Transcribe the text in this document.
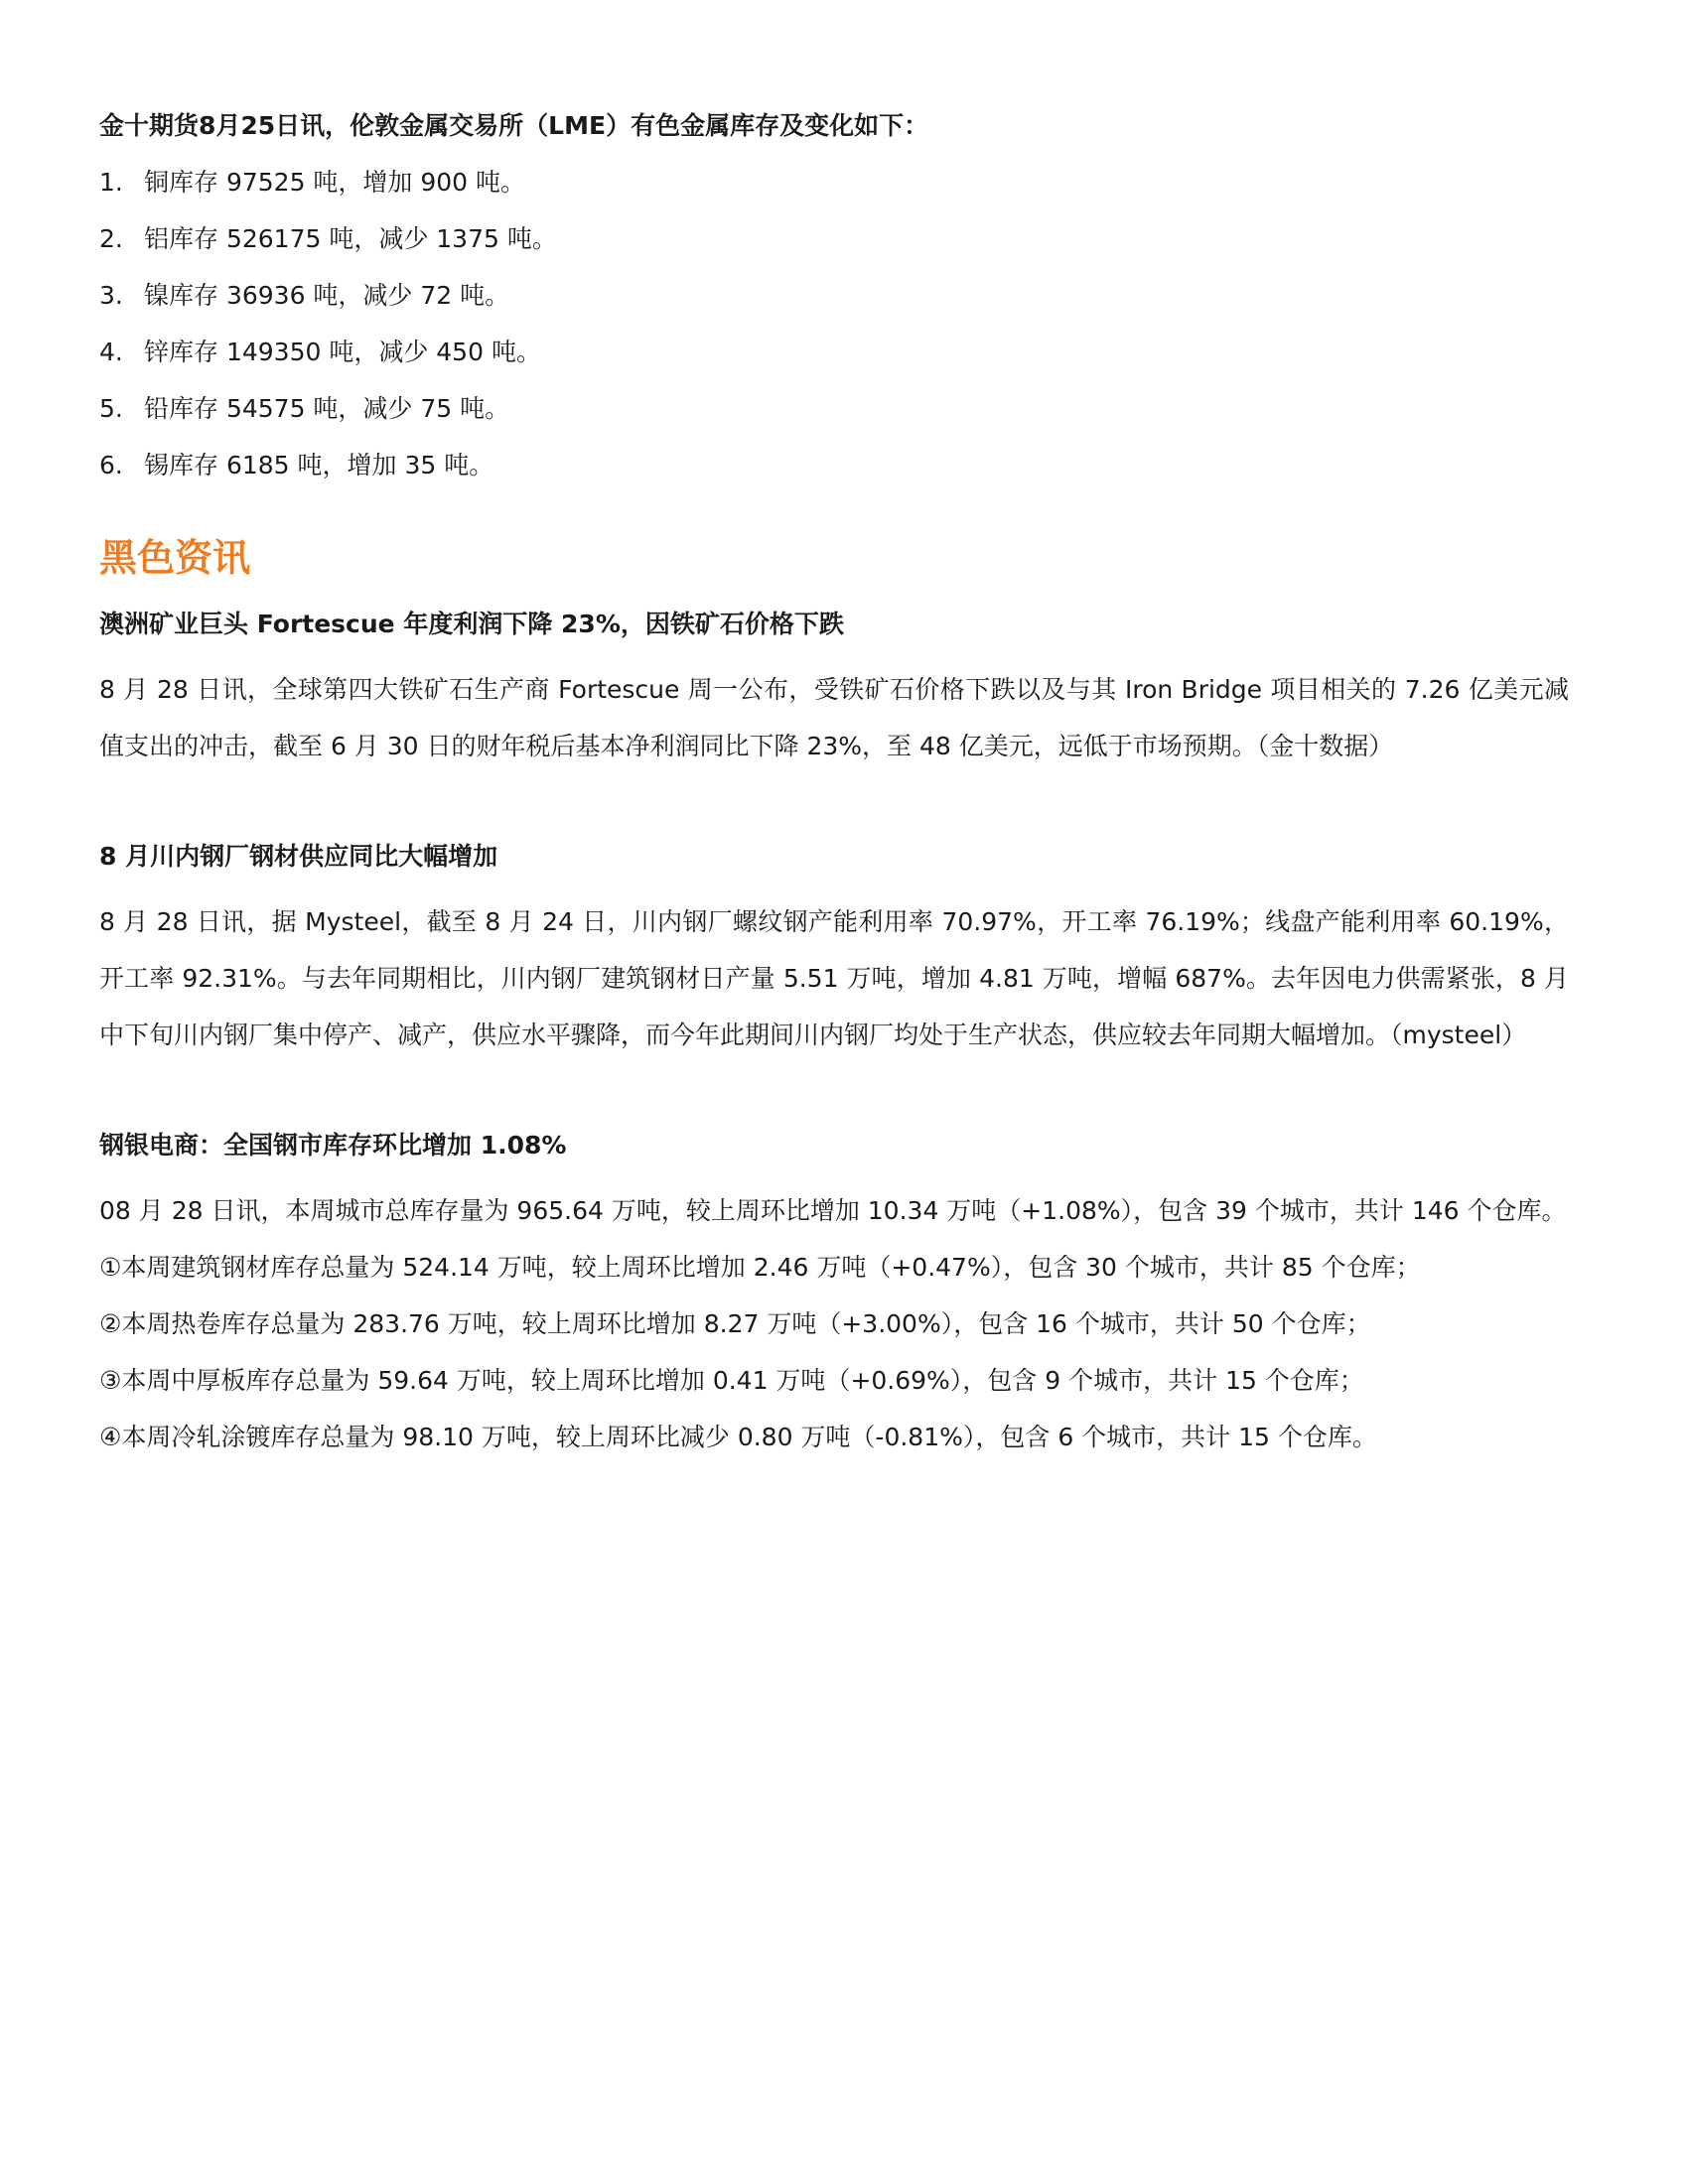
金十期货8月25日讯，伦敦金属交易所（LME）有色金属库存及变化如下：

1. 铜库存 97525 吨，增加 900 吨。
2. 铝库存 526175 吨，减少 1375 吨。
3. 镍库存 36936 吨，减少 72 吨。
4. 锌库存 149350 吨，减少 450 吨。
5. 铅库存 54575 吨，减少 75 吨。
6. 锡库存 6185 吨，增加 35 吨。
黑色资讯
澳洲矿业巨头 Fortescue 年度利润下降 23%，因铁矿石价格下跌

8 月 28 日讯，全球第四大铁矿石生产商 Fortescue 周一公布，受铁矿石价格下跌以及与其 Iron Bridge 项目相关的 7.26 亿美元减值支出的冲击，截至 6 月 30 日的财年税后基本净利润同比下降 23%，至 48 亿美元，远低于市场预期。（金十数据）

8 月川内钢厂钢材供应同比大幅增加

8 月 28 日讯，据 Mysteel，截至 8 月 24 日，川内钢厂螺纹钢产能利用率 70.97%，开工率 76.19%；线盘产能利用率 60.19%，开工率 92.31%。与去年同期相比，川内钢厂建筑钢材日产量 5.51 万吨，增加 4.81 万吨，增幅 687%。去年因电力供需紧张，8 月中下旬川内钢厂集中停产、减产，供应水平骤降，而今年此期间川内钢厂均处于生产状态，供应较去年同期大幅增加。（mysteel）

钢银电商：全国钢市库存环比增加 1.08%

08 月 28 日讯，本周城市总库存量为 965.64 万吨，较上周环比增加 10.34 万吨（+1.08%），包含 39 个城市，共计 146 个仓库。

①本周建筑钢材库存总量为 524.14 万吨，较上周环比增加 2.46 万吨（+0.47%），包含 30 个城市，共计 85 个仓库；

②本周热卷库存总量为 283.76 万吨，较上周环比增加 8.27 万吨（+3.00%），包含 16 个城市，共计 50 个仓库；

③本周中厚板库存总量为 59.64 万吨，较上周环比增加 0.41 万吨（+0.69%），包含 9 个城市，共计 15 个仓库；

④本周冷轧涂镀库存总量为 98.10 万吨，较上周环比减少 0.80 万吨（-0.81%），包含 6 个城市，共计 15 个仓库。
